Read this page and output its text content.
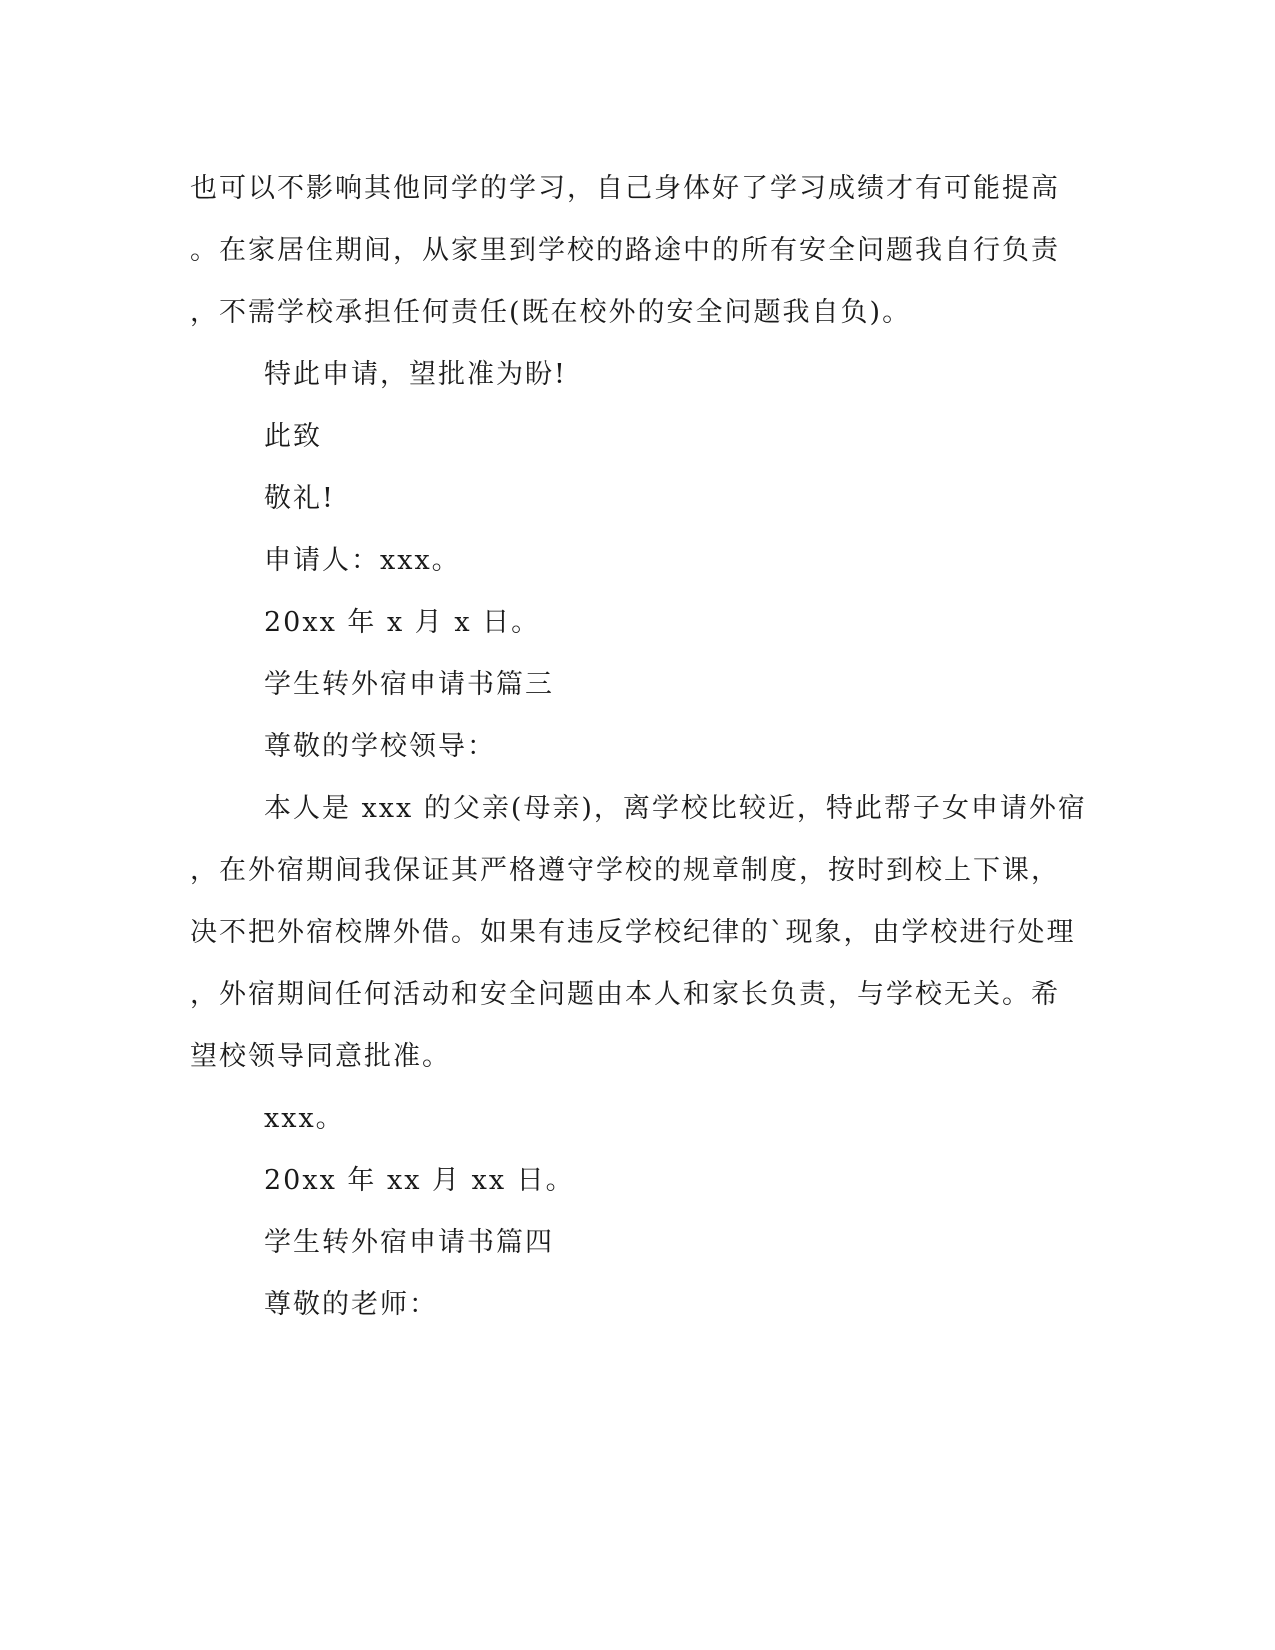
也可以不影响其他同学的学习，自己身体好了学习成绩才有可能提高
。在家居住期间，从家里到学校的路途中的所有安全问题我自行负责
，不需学校承担任何责任(既在校外的安全问题我自负)。
特此申请，望批准为盼!
此致
敬礼!
申请人：xxx。
20xx 年 x 月 x 日。
学生转外宿申请书篇三
尊敬的学校领导：
本人是 xxx 的父亲(母亲)，离学校比较近，特此帮子女申请外宿
，在外宿期间我保证其严格遵守学校的规章制度，按时到校上下课，
决不把外宿校牌外借。如果有违反学校纪律的`现象，由学校进行处理
，外宿期间任何活动和安全问题由本人和家长负责，与学校无关。希
望校领导同意批准。
xxx。
20xx 年 xx 月 xx 日。
学生转外宿申请书篇四
尊敬的老师：
